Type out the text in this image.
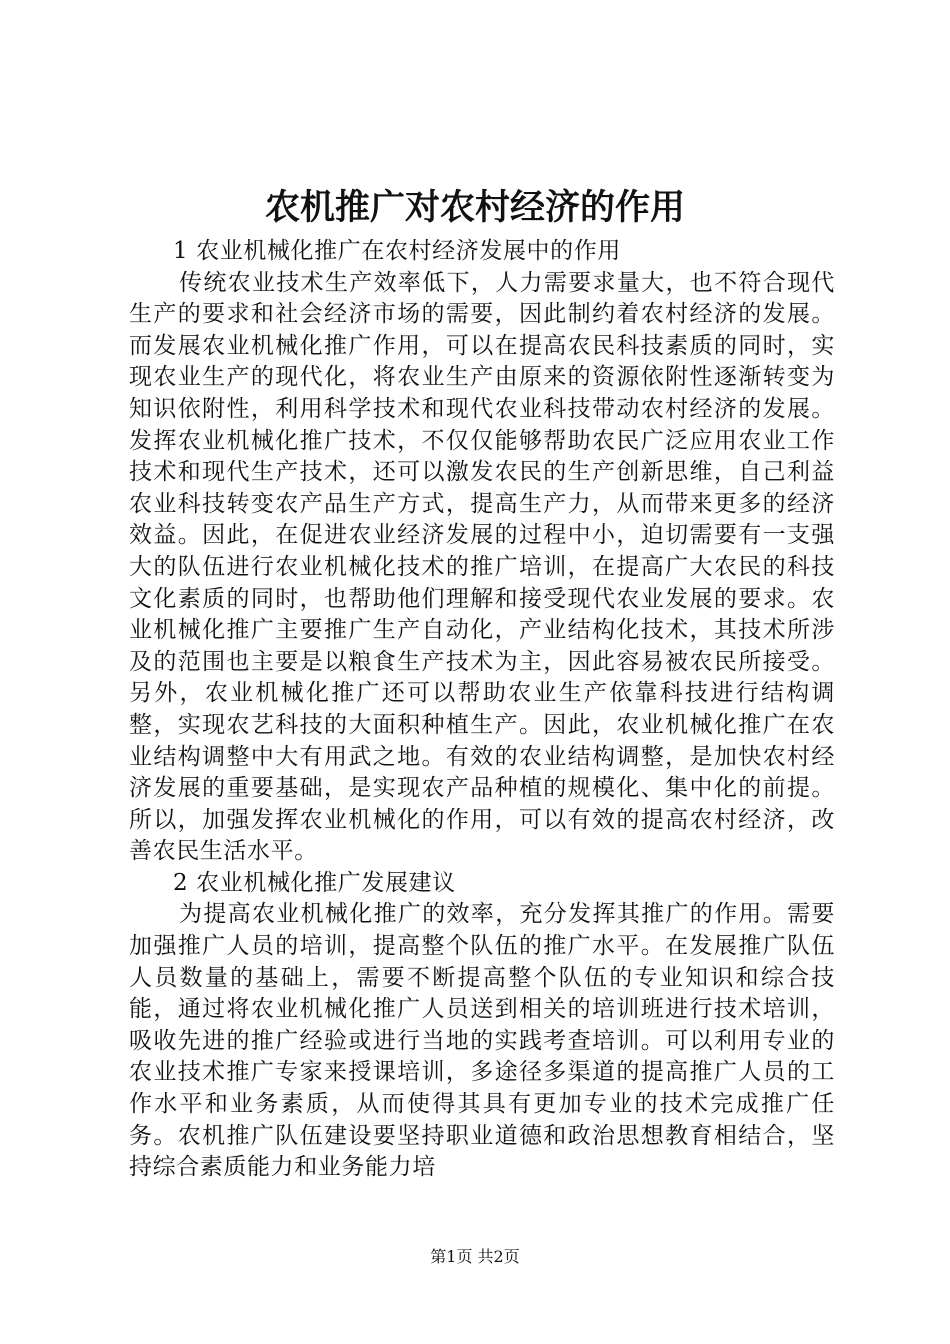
农机推广对农村经济的作用

1 农业机械化推广在农村经济发展中的作用

传统农业技术生产效率低下，人力需要求量大，也不符合现代生产的要求和社会经济市场的需要，因此制约着农村经济的发展。而发展农业机械化推广作用，可以在提高农民科技素质的同时，实现农业生产的现代化，将农业生产由原来的资源依附性逐渐转变为知识依附性，利用科学技术和现代农业科技带动农村经济的发展。发挥农业机械化推广技术，不仅仅能够帮助农民广泛应用农业工作技术和现代生产技术，还可以激发农民的生产创新思维，自己利益农业科技转变农产品生产方式，提高生产力，从而带来更多的经济效益。因此，在促进农业经济发展的过程中小，迫切需要有一支强大的队伍进行农业机械化技术的推广培训，在提高广大农民的科技文化素质的同时，也帮助他们理解和接受现代农业发展的要求。农业机械化推广主要推广生产自动化，产业结构化技术，其技术所涉及的范围也主要是以粮食生产技术为主，因此容易被农民所接受。另外，农业机械化推广还可以帮助农业生产依靠科技进行结构调整，实现农艺科技的大面积种植生产。因此，农业机械化推广在农业结构调整中大有用武之地。有效的农业结构调整，是加快农村经济发展的重要基础，是实现农产品种植的规模化、集中化的前提。所以，加强发挥农业机械化的作用，可以有效的提高农村经济，改善农民生活水平。

2 农业机械化推广发展建议

为提高农业机械化推广的效率，充分发挥其推广的作用。需要加强推广人员的培训，提高整个队伍的推广水平。在发展推广队伍人员数量的基础上，需要不断提高整个队伍的专业知识和综合技能，通过将农业机械化推广人员送到相关的培训班进行技术培训，吸收先进的推广经验或进行当地的实践考查培训。可以利用专业的农业技术推广专家来授课培训，多途径多渠道的提高推广人员的工作水平和业务素质，从而使得其具有更加专业的技术完成推广任务。农机推广队伍建设要坚持职业道德和政治思想教育相结合，坚持综合素质能力和业务能力培

第1页 共2页
